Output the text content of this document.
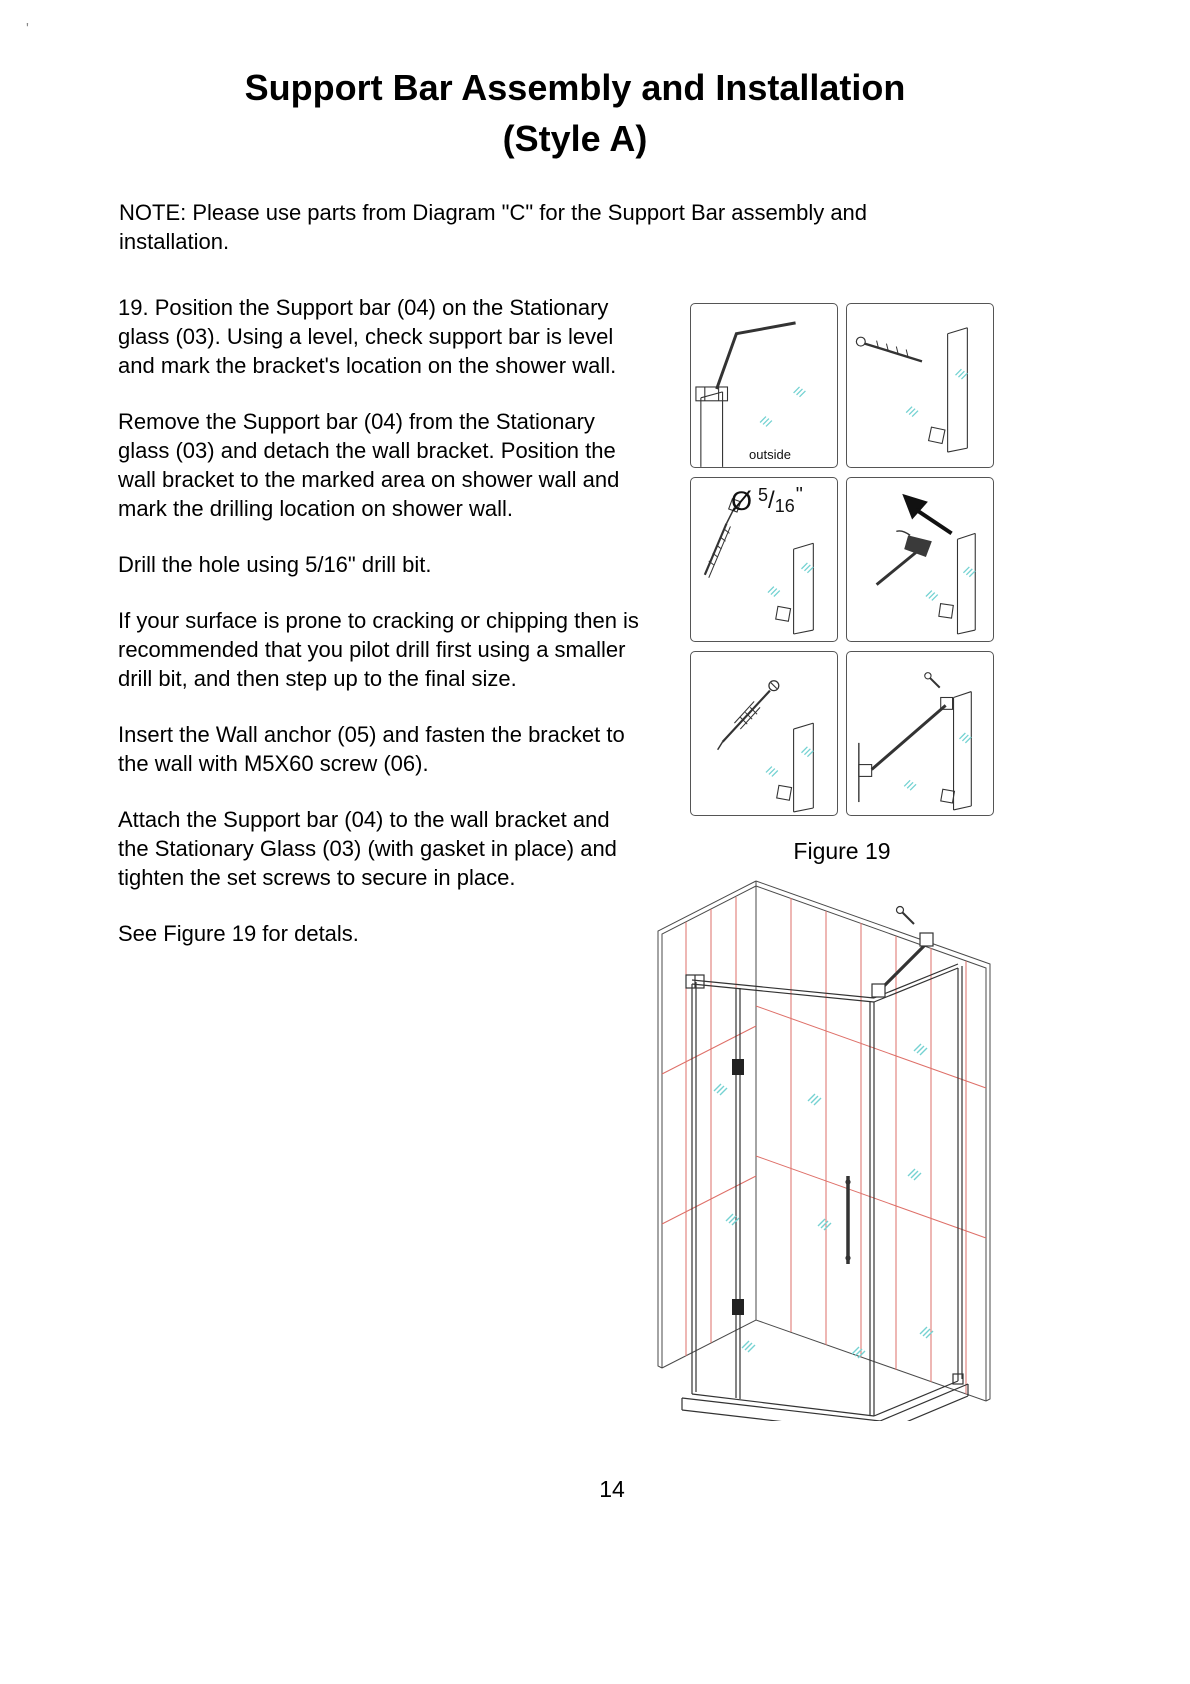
'
Support Bar Assembly and Installation
(Style A)
NOTE: Please use parts from Diagram "C" for the Support Bar assembly and installation.

19. Position the Support bar (04) on the Stationary glass (03). Using a level, check support bar is level and mark the bracket's location on the shower wall.

Remove the Support bar (04) from the Stationary glass (03) and detach the wall bracket. Position the wall bracket to the marked area on shower wall and mark the drilling location on shower wall.

Drill the hole using 5/16" drill bit.

If your surface is prone to cracking or chipping then is recommended that you pilot drill first using a smaller drill bit, and then step up to the final size.

Insert the Wall anchor (05) and fasten the bracket to the wall with M5X60 screw (06).

Attach the Support bar (04) to the wall bracket and the Stationary Glass (03) (with gasket in place) and tighten the set screws to secure in place.

See Figure 19 for detals.

outside
Ø $^5$/16"
Figure 19
14
